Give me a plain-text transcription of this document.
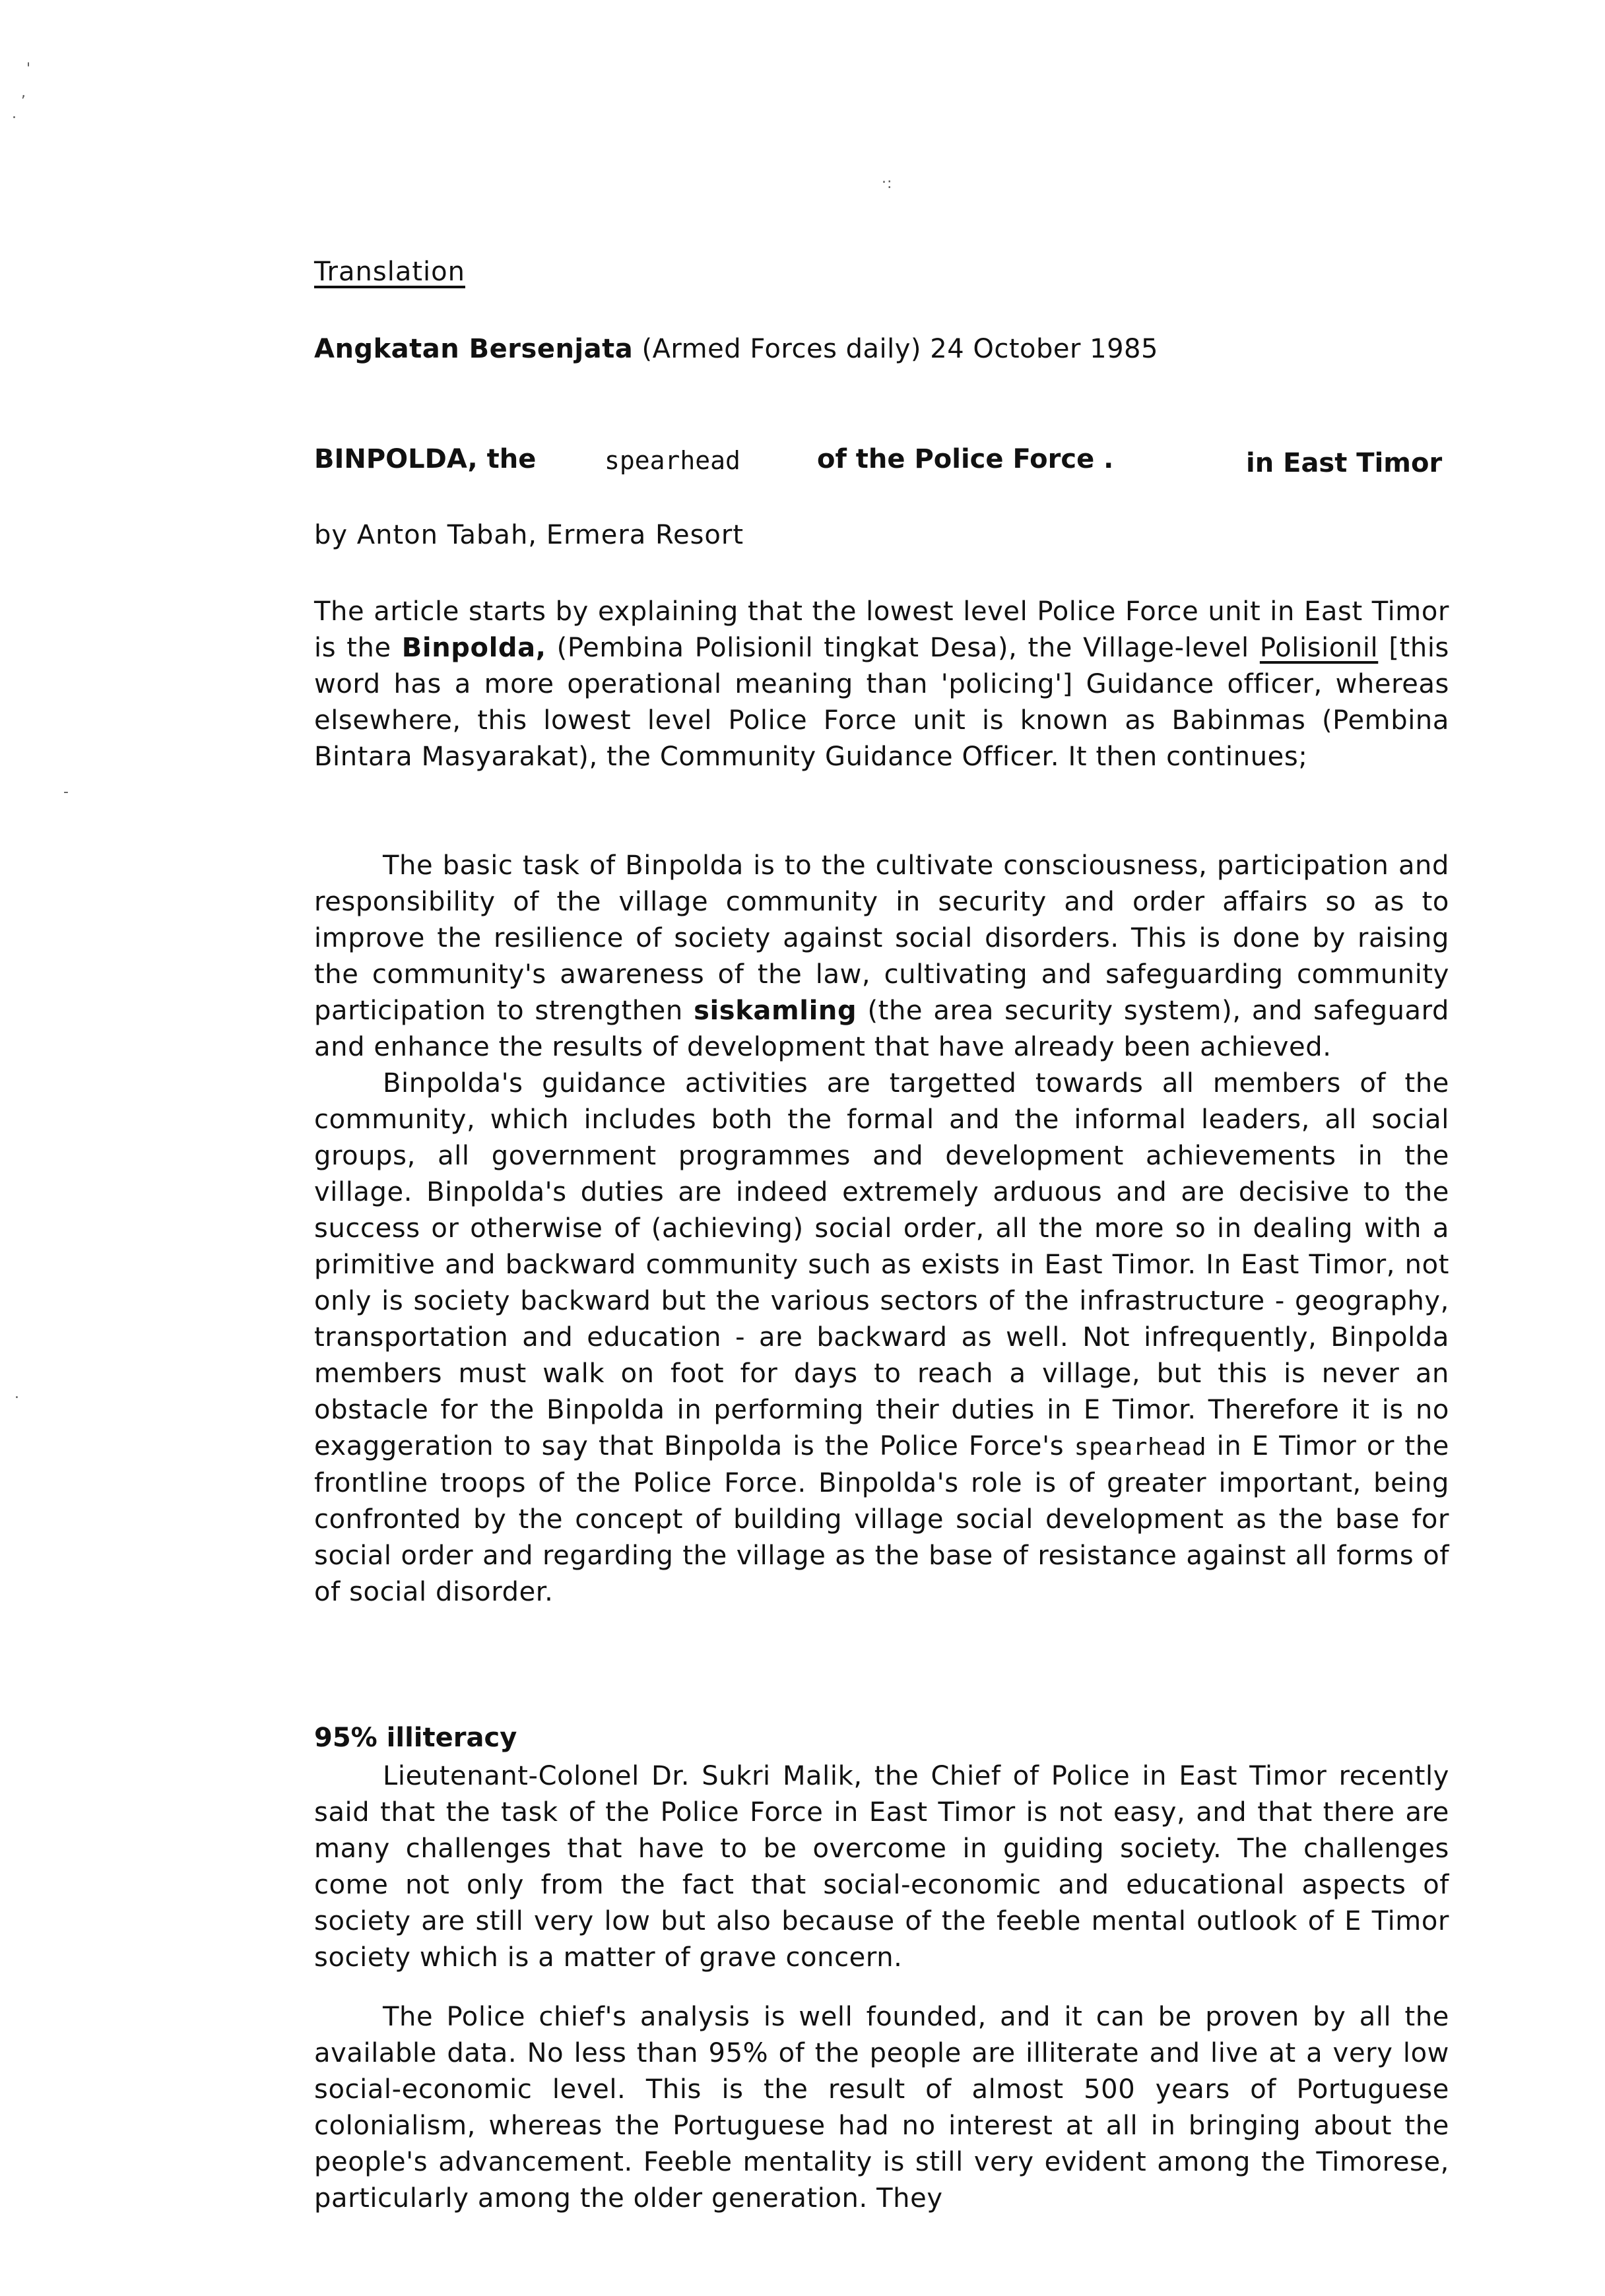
'
,
.
. :
-
.
Translation
Angkatan Bersenjata (Armed Forces daily) 24 October 1985
BINPOLDA, the	spearhead	of the Police Force .	in East Timor
by Anton Tabah, Ermera Resort
The article starts by explaining that the lowest level Police Force unit in East Timor is the Binpolda, (Pembina Polisionil tingkat Desa), the Village-level Polisionil [this word has a more operational meaning than 'policing'] Guidance officer, whereas elsewhere, this lowest level Police Force unit is known as Babinmas (Pembina Bintara Masyarakat), the Community Guidance Officer. It then continues;
The basic task of Binpolda is to the cultivate consciousness, participation and responsibility of the village community in security and order affairs so as to improve the resilience of society against social disorders. This is done by raising the community's awareness of the law, cultivating and safeguarding community participation to strengthen siskamling (the area security system), and safeguard and enhance the results of development that have already been achieved.
Binpolda's guidance activities are targetted towards all members of the community, which includes both the formal and the informal leaders, all social groups, all government programmes and development achievements in the village. Binpolda's duties are indeed extremely arduous and are decisive to the success or otherwise of (achieving) social order, all the more so in dealing with a primitive and backward community such as exists in East Timor. In East Timor, not only is society backward but the various sectors of the infrastructure - geography, transportation and education - are backward as well. Not infrequently, Binpolda members must walk on foot for days to reach a village, but this is never an obstacle for the Binpolda in performing their duties in E Timor. Therefore it is no exaggeration to say that Binpolda is the Police Force's spearhead in E Timor or the frontline troops of the Police Force. Binpolda's role is of greater important, being confronted by the concept of building village social development as the base for social order and regarding the village as the base of resistance against all forms of of social disorder.
95% illiteracy
Lieutenant-Colonel Dr. Sukri Malik, the Chief of Police in East Timor recently said that the task of the Police Force in East Timor is not easy, and that there are many challenges that have to be overcome in guiding society. The challenges come not only from the fact that social-economic and educational aspects of society are still very low but also because of the feeble mental outlook of E Timor society which is a matter of grave concern.
The Police chief's analysis is well founded, and it can be proven by all the available data. No less than 95% of the people are illiterate and live at a very low social-economic level. This is the result of almost 500 years of Portuguese colonialism, whereas the Portuguese had no interest at all in bringing about the people's advancement. Feeble mentality is still very evident among the Timorese, particularly among the older generation. They
